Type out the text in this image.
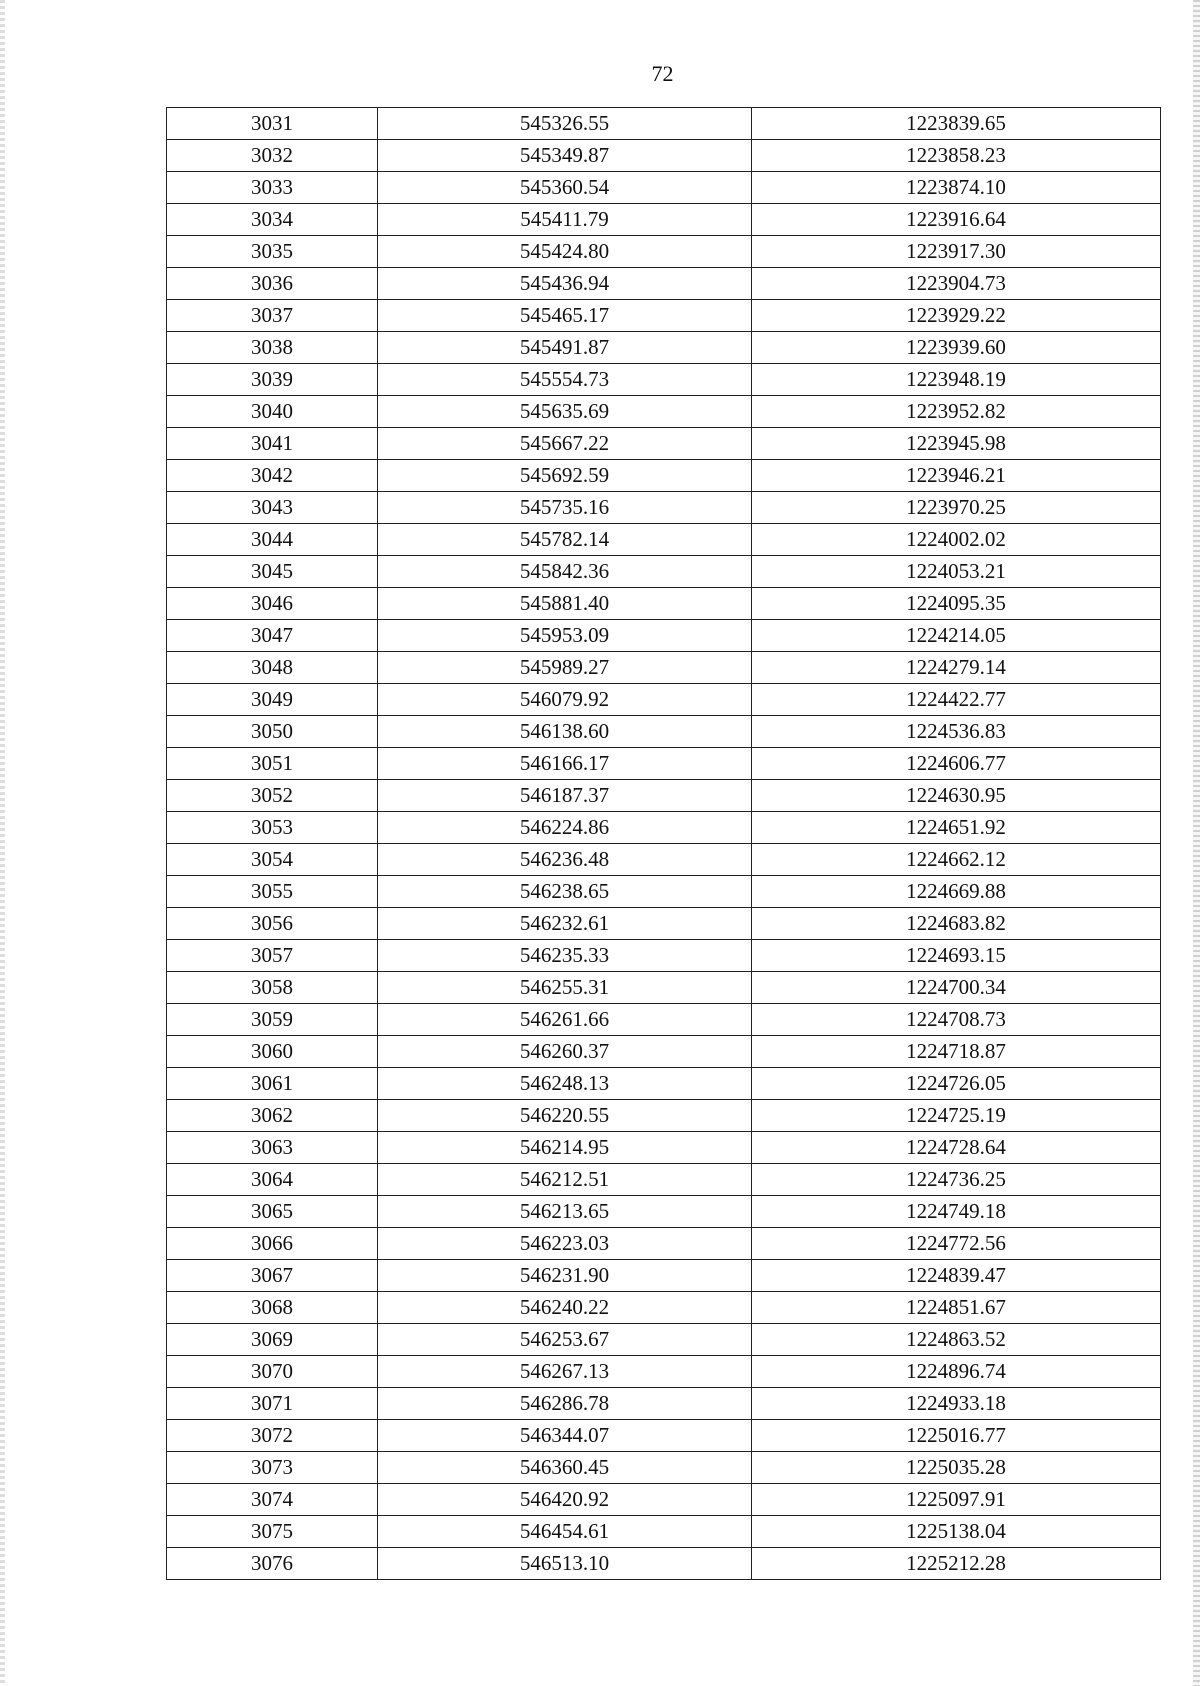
72
3031	545326.55	1223839.65
3032	545349.87	1223858.23
3033	545360.54	1223874.10
3034	545411.79	1223916.64
3035	545424.80	1223917.30
3036	545436.94	1223904.73
3037	545465.17	1223929.22
3038	545491.87	1223939.60
3039	545554.73	1223948.19
3040	545635.69	1223952.82
3041	545667.22	1223945.98
3042	545692.59	1223946.21
3043	545735.16	1223970.25
3044	545782.14	1224002.02
3045	545842.36	1224053.21
3046	545881.40	1224095.35
3047	545953.09	1224214.05
3048	545989.27	1224279.14
3049	546079.92	1224422.77
3050	546138.60	1224536.83
3051	546166.17	1224606.77
3052	546187.37	1224630.95
3053	546224.86	1224651.92
3054	546236.48	1224662.12
3055	546238.65	1224669.88
3056	546232.61	1224683.82
3057	546235.33	1224693.15
3058	546255.31	1224700.34
3059	546261.66	1224708.73
3060	546260.37	1224718.87
3061	546248.13	1224726.05
3062	546220.55	1224725.19
3063	546214.95	1224728.64
3064	546212.51	1224736.25
3065	546213.65	1224749.18
3066	546223.03	1224772.56
3067	546231.90	1224839.47
3068	546240.22	1224851.67
3069	546253.67	1224863.52
3070	546267.13	1224896.74
3071	546286.78	1224933.18
3072	546344.07	1225016.77
3073	546360.45	1225035.28
3074	546420.92	1225097.91
3075	546454.61	1225138.04
3076	546513.10	1225212.28
